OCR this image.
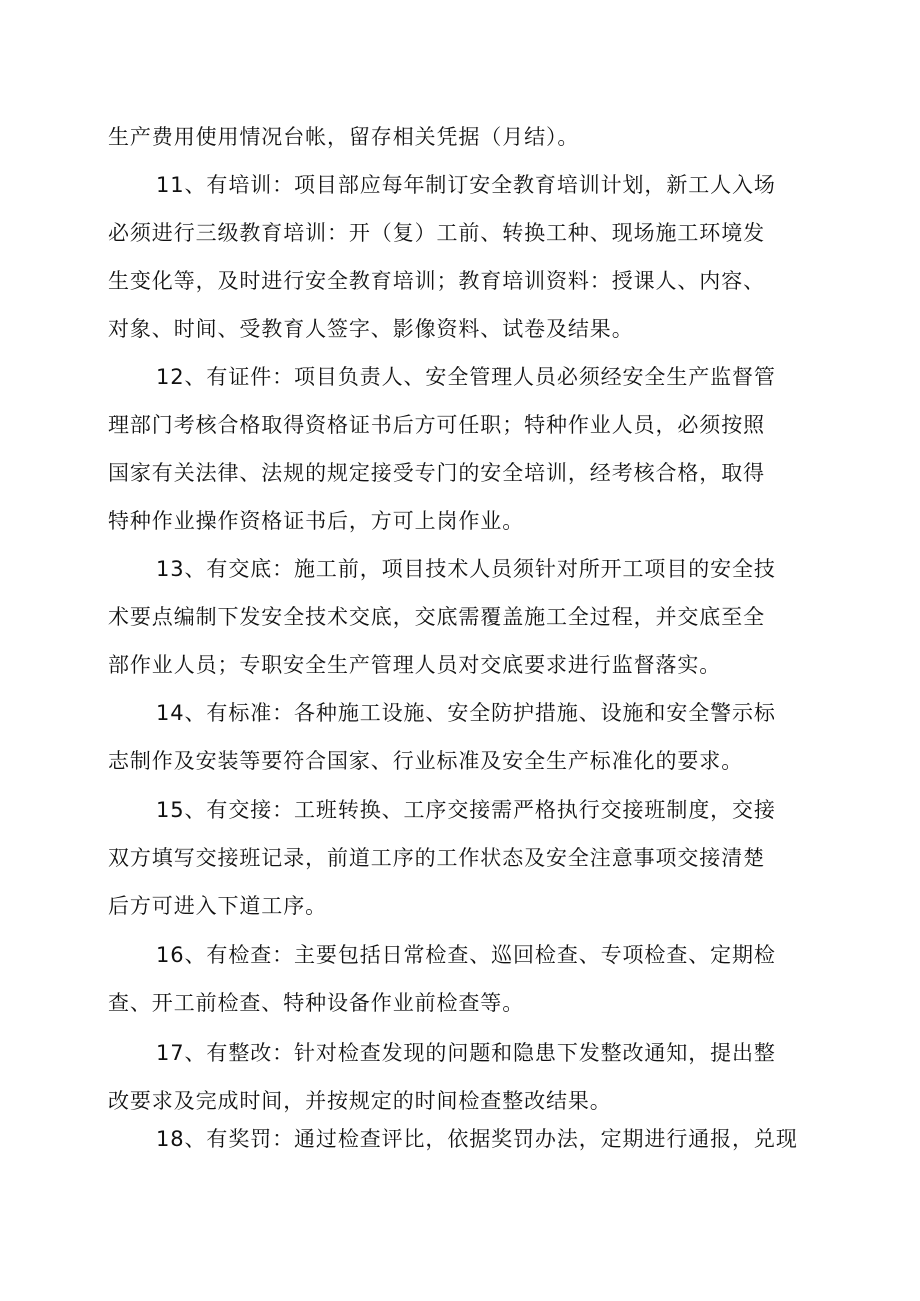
生产费用使用情况台帐，留存相关凭据（月结）。
11、有培训：项目部应每年制订安全教育培训计划，新工人入场
必须进行三级教育培训：开（复）工前、转换工种、现场施工环境发
生变化等，及时进行安全教育培训；教育培训资料：授课人、内容、
对象、时间、受教育人签字、影像资料、试卷及结果。
12、有证件：项目负责人、安全管理人员必须经安全生产监督管
理部门考核合格取得资格证书后方可任职；特种作业人员，必须按照
国家有关法律、法规的规定接受专门的安全培训，经考核合格，取得
特种作业操作资格证书后，方可上岗作业。
13、有交底：施工前，项目技术人员须针对所开工项目的安全技
术要点编制下发安全技术交底，交底需覆盖施工全过程，并交底至全
部作业人员；专职安全生产管理人员对交底要求进行监督落实。
14、有标准：各种施工设施、安全防护措施、设施和安全警示标
志制作及安装等要符合国家、行业标准及安全生产标准化的要求。
15、有交接：工班转换、工序交接需严格执行交接班制度，交接
双方填写交接班记录，前道工序的工作状态及安全注意事项交接清楚
后方可进入下道工序。
16、有检查：主要包括日常检查、巡回检查、专项检查、定期检
查、开工前检查、特种设备作业前检查等。
17、有整改：针对检查发现的问题和隐患下发整改通知，提出整
改要求及完成时间，并按规定的时间检查整改结果。
18、有奖罚：通过检查评比，依据奖罚办法，定期进行通报，兑现
